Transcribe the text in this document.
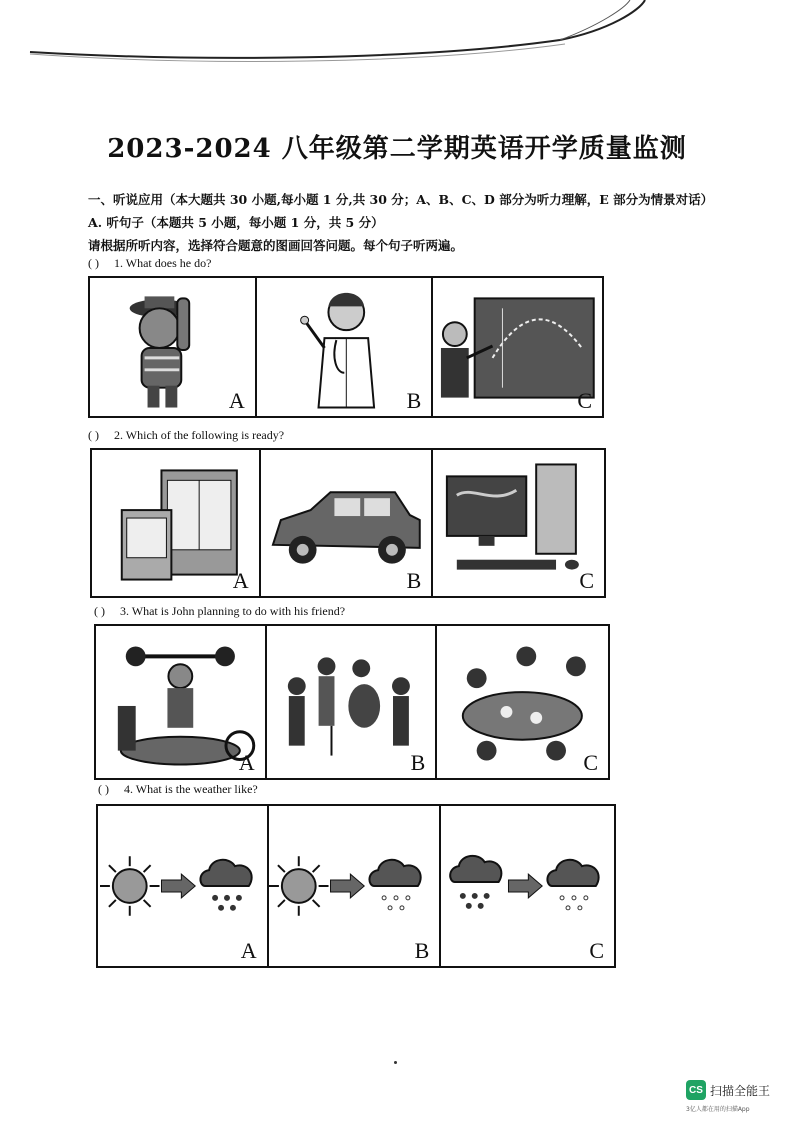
2023-2024 八年级第二学期英语开学质量监测
一、听说应用（本大题共 30 小题,每小题 1 分,共 30 分；A、B、C、D 部分为听力理解，E 部分为情景对话）
A. 听句子（本题共 5 小题，每小题 1 分，共 5 分）
请根据所听内容，选择符合题意的图画回答问题。每个句子听两遍。
( ) 1. What does he do?
A	B	C
( ) 2. Which of the following is ready?
A	B	C
( ) 3. What is John planning to do with his friend?
A	B	C
( ) 4. What is the weather like?
A	B	C
CS 扫描全能王
3亿人都在用的扫描App
